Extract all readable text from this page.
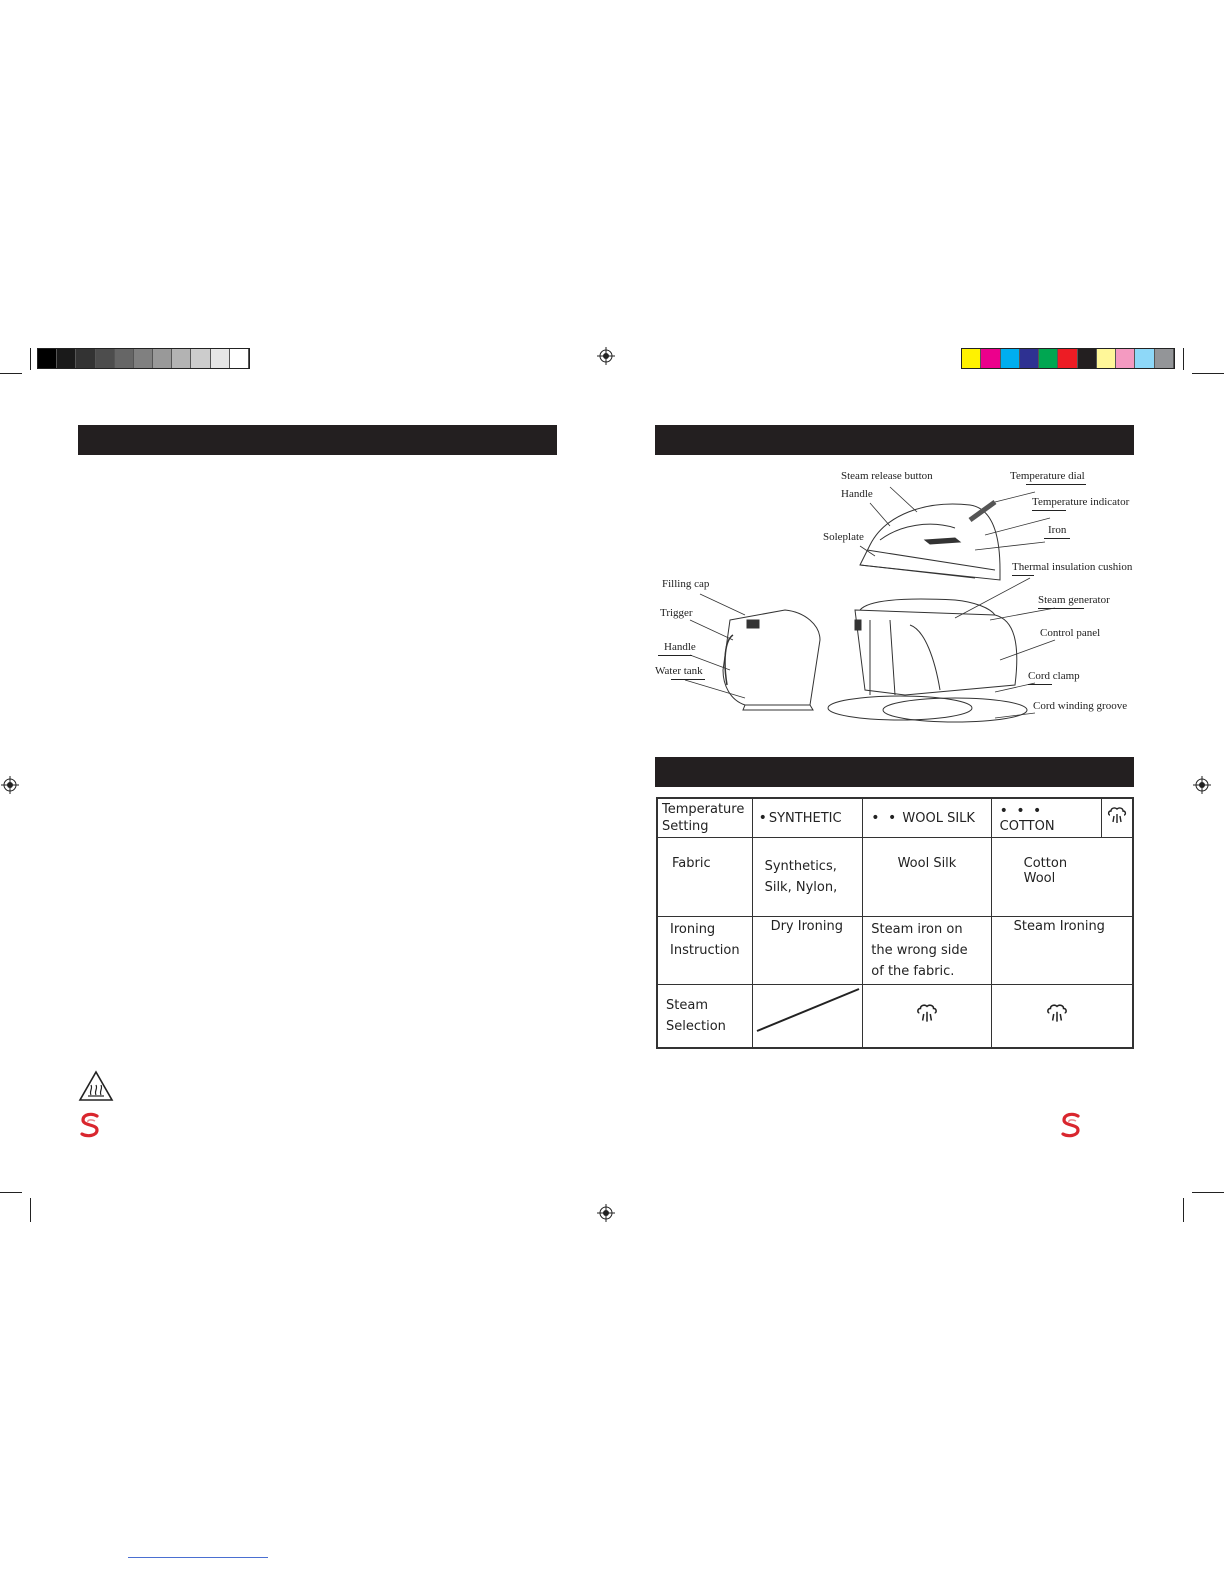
Steam release button	Temperature dial
Handle
Temperature indicator
Iron
Soleplate
Thermal insulation cushion
Filling cap
Steam generator
Trigger
Control panel
Handle
Water tank	Cord clamp
Cord winding groove
Temperature Setting	•SYNTHETIC	• • WOOL SILK	• • • COTTON	
Fabric	Synthetics, Silk, Nylon,	Wool Silk	Cotton Wool	
Ironing Instruction	Dry Ironing	Steam iron on the wrong side of the fabric.	Steam Ironing	
Steam Selection	
